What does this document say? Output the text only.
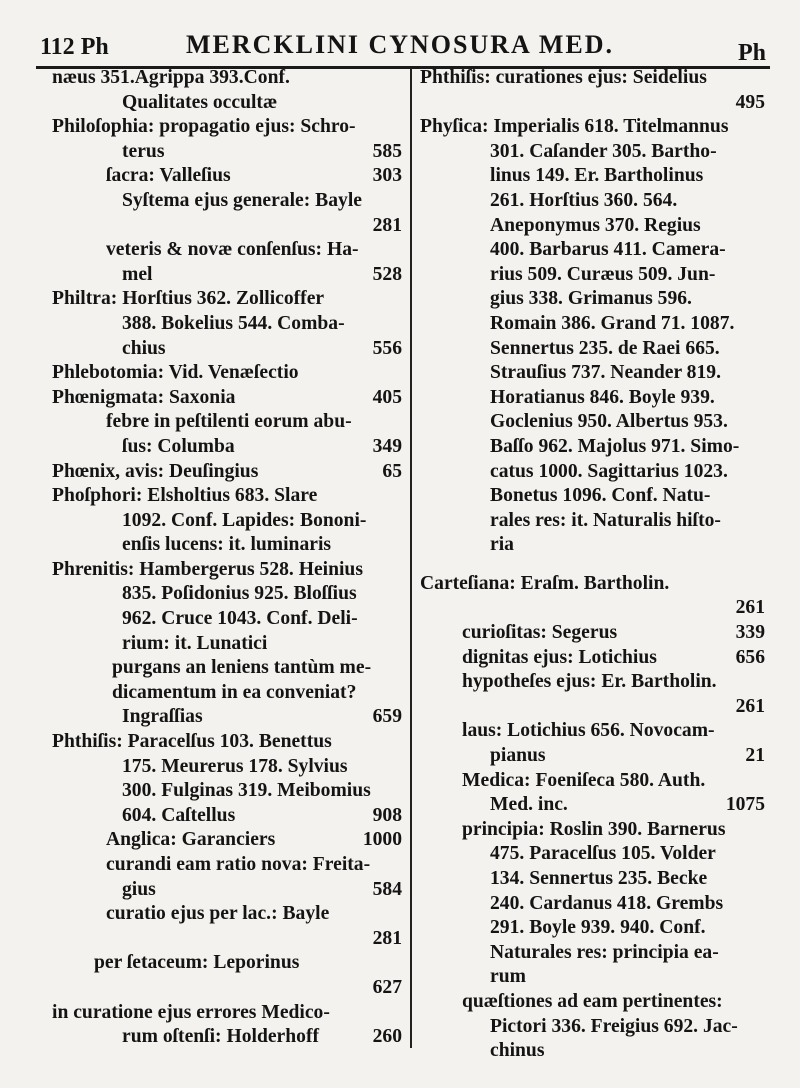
112 Ph	MERCKLINI CYNOSURA MED.	Ph
næus 351.Agrippa 393.Conf.
Qualitates occultæ
Philoſophia: propagatio ejus: Schro-
terus	585
ſacra: Valleſius	303
Syſtema ejus generale: Bayle
281
veteris & novæ conſenſus: Ha-
mel	528
Philtra: Horſtius 362. Zollicoffer
388. Bokelius 544. Comba-
chius	556
Phlebotomia: Vid. Venæſectio
Phœnigmata: Saxonia	405
febre in peſtilenti eorum abu-
ſus: Columba	349
Phœnix, avis: Deuſingius	65
Phoſphori: Elsholtius 683. Slare
1092. Conf. Lapides: Bononi-
enſis lucens: it. luminaris
Phrenitis: Hambergerus 528. Heinius
835. Poſidonius 925. Bloſſius
962. Cruce 1043. Conf. Deli-
rium: it. Lunatici
purgans an leniens tantùm me-
dicamentum in ea conveniat?
Ingraſſias	659
Phthiſis: Paracelſus 103. Benettus
175. Meurerus 178. Sylvius
300. Fulginas 319. Meibomius
604. Caſtellus	908
Anglica: Garanciers	1000
curandi eam ratio nova: Freita-
gius	584
curatio ejus per lac.: Bayle
281
per ſetaceum: Leporinus
627
in curatione ejus errores Medico-
rum oſtenſi: Holderhoff	260
Phthiſis: curationes ejus: Seidelius
495
Phyſica: Imperialis 618. Titelmannus
301. Caſander 305. Bartho-
linus 149. Er. Bartholinus
261. Horſtius 360. 564.
Aneponymus 370. Regius
400. Barbarus 411. Camera-
rius 509. Curæus 509. Jun-
gius 338. Grimanus 596.
Romain 386. Grand 71. 1087.
Sennertus 235. de Raei 665.
Strauſius 737. Neander 819.
Horatianus 846. Boyle 939.
Goclenius 950. Albertus 953.
Baſſo 962. Majolus 971. Simo-
catus 1000. Sagittarius 1023.
Bonetus 1096. Conf. Natu-
rales res: it. Naturalis hiſto-
ria
Carteſiana: Eraſm. Bartholin.
261
curioſitas: Segerus	339
dignitas ejus: Lotichius	656
hypotheſes ejus: Er. Bartholin.
261
laus: Lotichius 656. Novocam-
pianus	21
Medica: Foeniſeca 580. Auth.
Med. inc.	1075
principia: Roslin 390. Barnerus
475. Paracelſus 105. Volder
134. Sennertus 235. Becke
240. Cardanus 418. Grembs
291. Boyle 939. 940. Conf.
Naturales res: principia ea-
rum
quæſtiones ad eam pertinentes:
Pictori 336. Freigius 692. Jac-
chinus
